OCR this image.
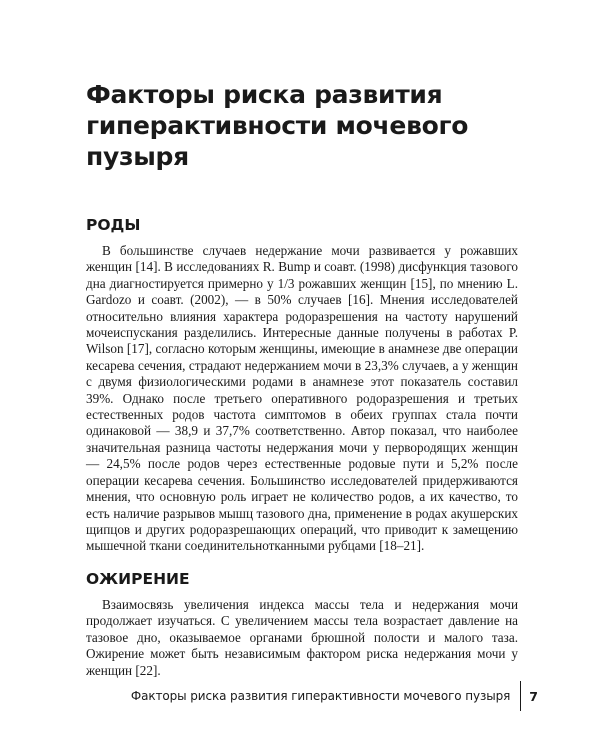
Факторы риска развития гиперактивности мочевого пузыря
РОДЫ

В большинстве случаев недержание мочи развивается у рожавших женщин [14]. В исследованиях R. Bump и соавт. (1998) дисфункция тазового дна диагностируется примерно у 1/3 рожавших женщин [15], по мнению L. Gardozo и соавт. (2002), — в 50% случаев [16]. Мнения исследователей относительно влияния характера родоразрешения на частоту нарушений мочеиспускания разделились. Интересные данные получены в работах P. Wilson [17], согласно которым женщины, имеющие в анамнезе две операции кесарева сечения, страдают недержанием мочи в 23,3% случаев, а у женщин с двумя физиологическими родами в анамнезе этот показатель составил 39%. Однако после третьего оперативного родоразрешения и третьих естественных родов частота симптомов в обеих группах стала почти одинаковой — 38,9 и 37,7% соответственно. Автор показал, что наиболее значительная разница частоты недержания мочи у первородящих женщин — 24,5% после родов через естественные родовые пути и 5,2% после операции кесарева сечения. Большинство исследователей придерживаются мнения, что основную роль играет не количество родов, а их качество, то есть наличие разрывов мышц тазового дна, применение в родах акушерских щипцов и других родоразрешающих операций, что приводит к замещению мышечной ткани соединительнотканными рубцами [18–21].

ОЖИРЕНИЕ

Взаимосвязь увеличения индекса массы тела и недержания мочи продолжает изучаться. С увеличением массы тела возрастает давление на тазовое дно, оказываемое органами брюшной полости и малого таза. Ожирение может быть независимым фактором риска недержания мочи у женщин [22].

Факторы риска развития гиперактивности мочевого пузыря 7
